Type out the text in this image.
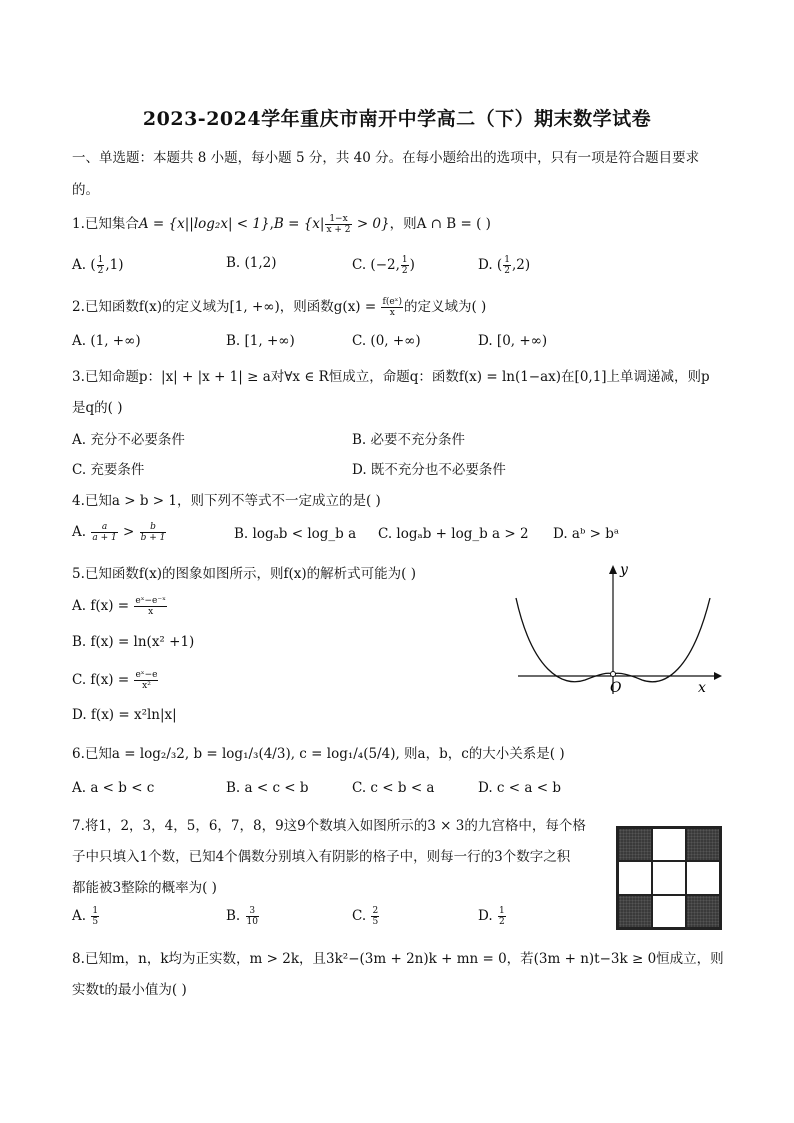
2023-2024学年重庆市南开中学高二（下）期末数学试卷
一、单选题：本题共 8 小题，每小题 5 分，共 40 分。在每小题给出的选项中，只有一项是符合题目要求
的。
1.已知集合$A = \{x||\log_2x| < 1\},B = \{x| \frac{1-x}{x + 2} > 0\}$，则A ∩ B = ( )
A. ( $\frac{1}{2} ,1$)	B. (1,2)	C. (−2, $\frac{1}{2}$ )	D. ( $\frac{1}{2} ,2$)
2.已知函数f(x)的定义域为[1, +∞)，则函数$g(x) = \frac{\text{f(eˣ)}}{x}$ 的定义域为( )
A. (1, +∞)	B. [1, +∞)	C. (0, +∞)	D. [0, +∞)
3.已知命题p：|x| + |x + 1| ≥ a对∀x ∈ R恒成立，命题q：函数f(x) = ln(1−ax)在[0,1]上单调递减，则p
是q的( )
A. 充分不必要条件	B. 必要不充分条件
C. 充要条件	D. 既不充分也不必要条件
4.已知a > b > 1，则下列不等式不一定成立的是( )
A. $\frac{a}{a + 1} > \frac{b}{b + 1}$	B. logₐb < log_b a C. logₐb + log_b a > 2 D. aᵇ > bᵃ
5.已知函数f(x)的图象如图所示，则f(x)的解析式可能为( )
A. $f(x) = \frac{\text{eˣ−e⁻ˣ}}{x}$
B. f(x) = ln(x² +1)
C. $f(x) = \frac{\text{eˣ−e}}{\text{x²}}$
D. f(x) = x²ln|x|
y
x
O
6.已知a = log₂/₃2, b = log₁/₃(4/3), c = log₁/₄(5/4), 则a，b，c的大小关系是( )
A. a < b < c	B. a < c < b	C. c < b < a	D. c < a < b
7.将1，2，3，4，5，6，7，8，9这9个数填入如图所示的3 × 3的九宫格中，每个格
子中只填入1个数，已知4个偶数分别填入有阴影的格子中，则每一行的3个数字之积
都能被3整除的概率为( )
A. $\frac{1}{5}$	B. $\frac{3}{10}$	C. $\frac{2}{5}$	D. $\frac{1}{2}$
8.已知m，n，k均为正实数，m > 2k，且3k²−(3m + 2n)k + mn = 0，若(3m + n)t−3k ≥ 0恒成立，则
实数t的最小值为( )
